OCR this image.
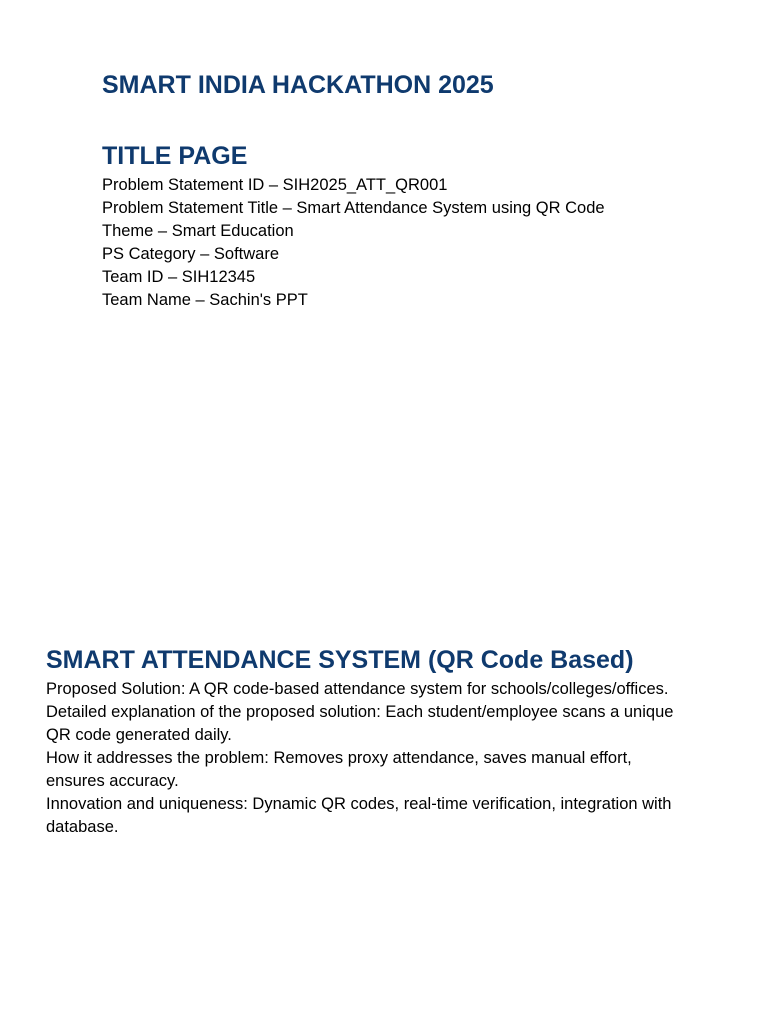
SMART INDIA HACKATHON 2025
TITLE PAGE
Problem Statement ID – SIH2025_ATT_QR001
Problem Statement Title – Smart Attendance System using QR Code
Theme – Smart Education
PS Category – Software
Team ID – SIH12345
Team Name – Sachin's PPT
SMART ATTENDANCE SYSTEM (QR Code Based)

Proposed Solution: A QR code-based attendance system for schools/colleges/offices.

Detailed explanation of the proposed solution: Each student/employee scans a unique QR code generated daily.

How it addresses the problem: Removes proxy attendance, saves manual effort, ensures accuracy.

Innovation and uniqueness: Dynamic QR codes, real-time verification, integration with database.
